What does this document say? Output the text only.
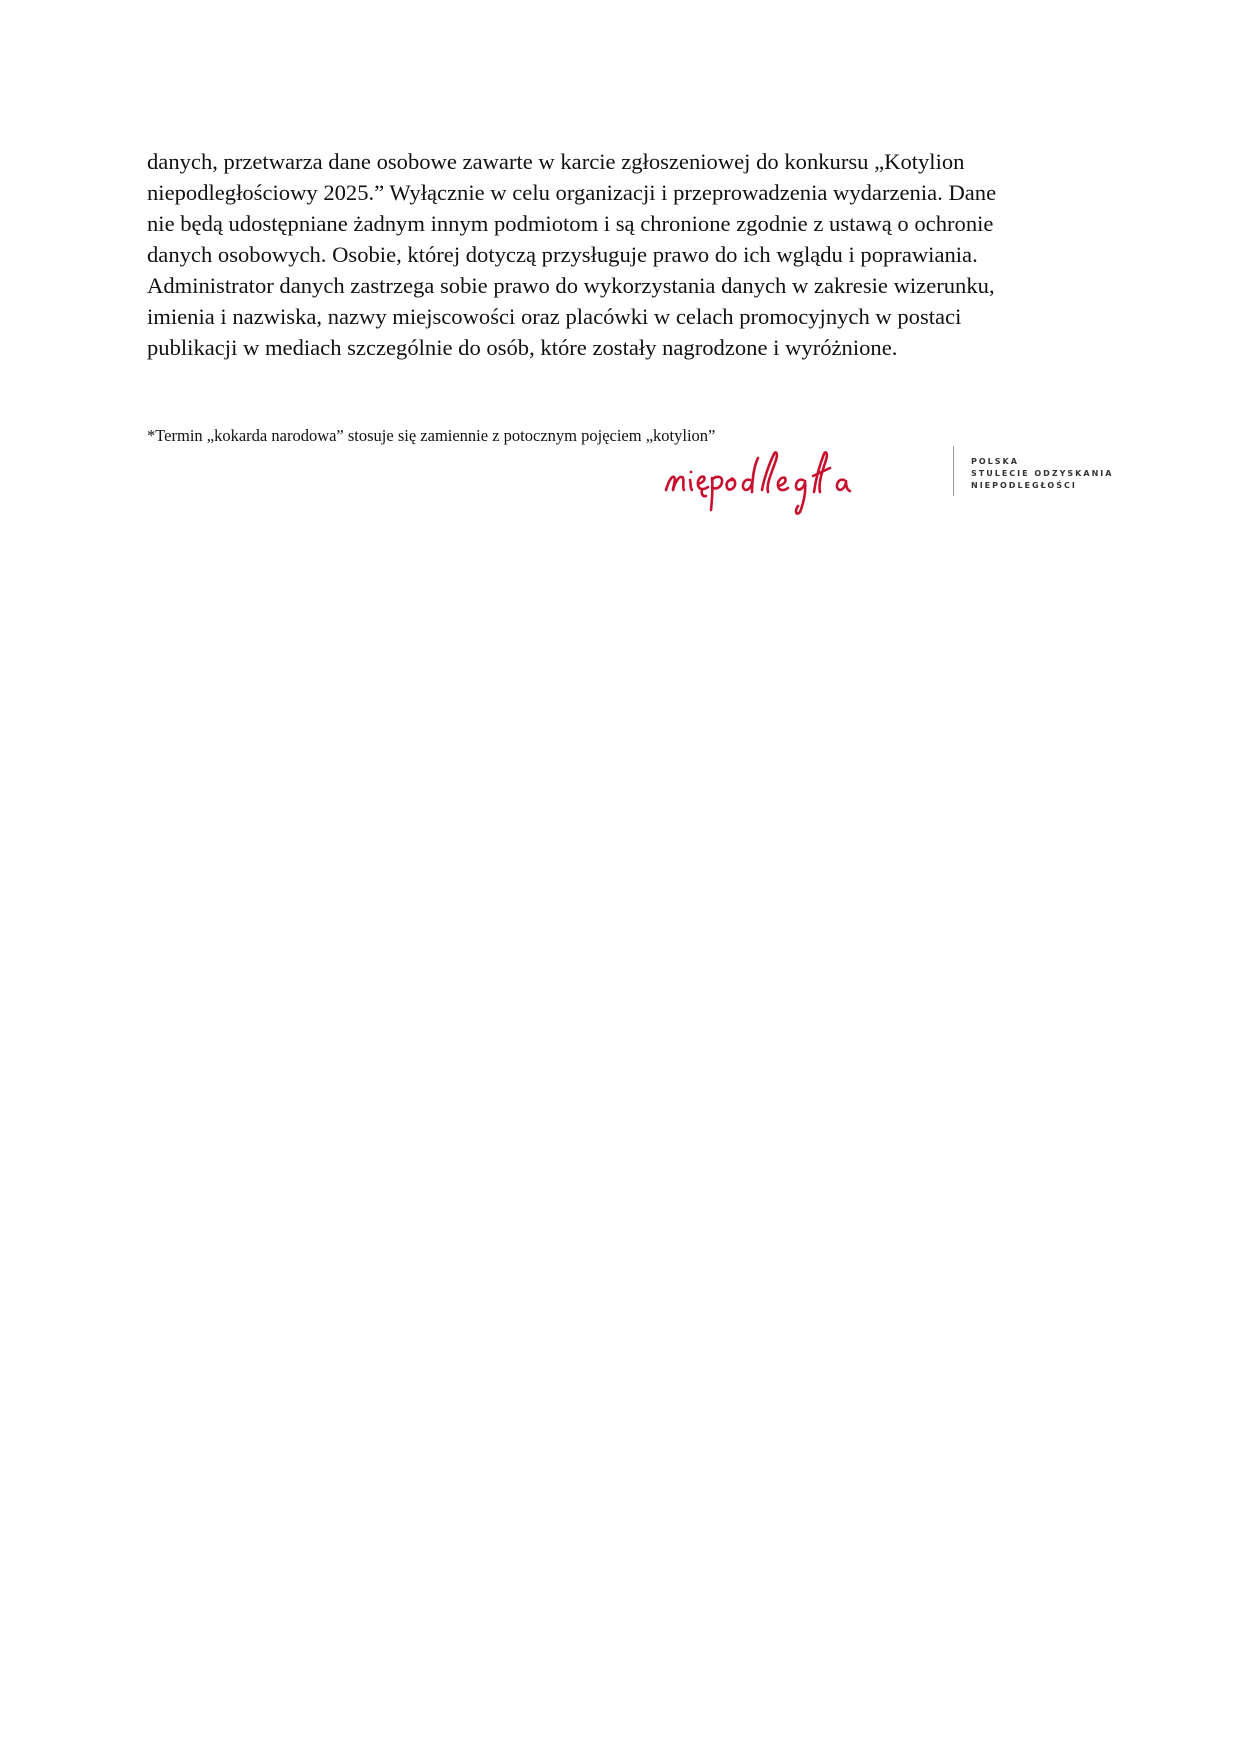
danych, przetwarza dane osobowe zawarte w karcie zgłoszeniowej do konkursu „Kotylion
niepodległościowy 2025.” Wyłącznie w celu organizacji i przeprowadzenia wydarzenia. Dane
nie będą udostępniane żadnym innym podmiotom i są chronione zgodnie z ustawą o ochronie
danych osobowych. Osobie, której dotyczą przysługuje prawo do ich wglądu i poprawiania.
Administrator danych zastrzega sobie prawo do wykorzystania danych w zakresie wizerunku,
imienia i nazwiska, nazwy miejscowości oraz placówki w celach promocyjnych w postaci
publikacji w mediach szczególnie do osób, które zostały nagrodzone i wyróżnione.
*Termin „kokarda narodowa” stosuje się zamiennie z potocznym pojęciem „kotylion”
POLSKA
STULECIE ODZYSKANIA
NIEPODLEGŁOŚCI
